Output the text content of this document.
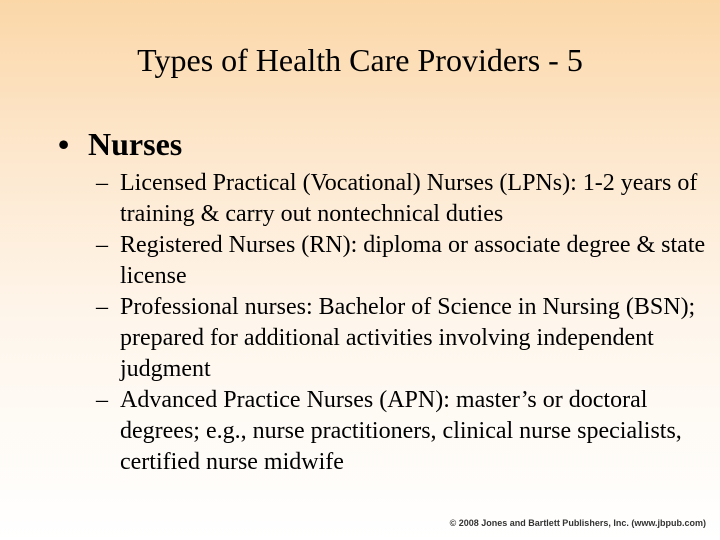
Types of Health Care Providers - 5
• Nurses
– Licensed Practical (Vocational) Nurses (LPNs): 1-2 years of training & carry out nontechnical duties
– Registered Nurses (RN): diploma or associate degree & state license
– Professional nurses: Bachelor of Science in Nursing (BSN); prepared for additional activities involving independent judgment
– Advanced Practice Nurses (APN): master’s or doctoral degrees; e.g., nurse practitioners, clinical nurse specialists, certified nurse midwife
© 2008 Jones and Bartlett Publishers, Inc. (www.jbpub.com)
